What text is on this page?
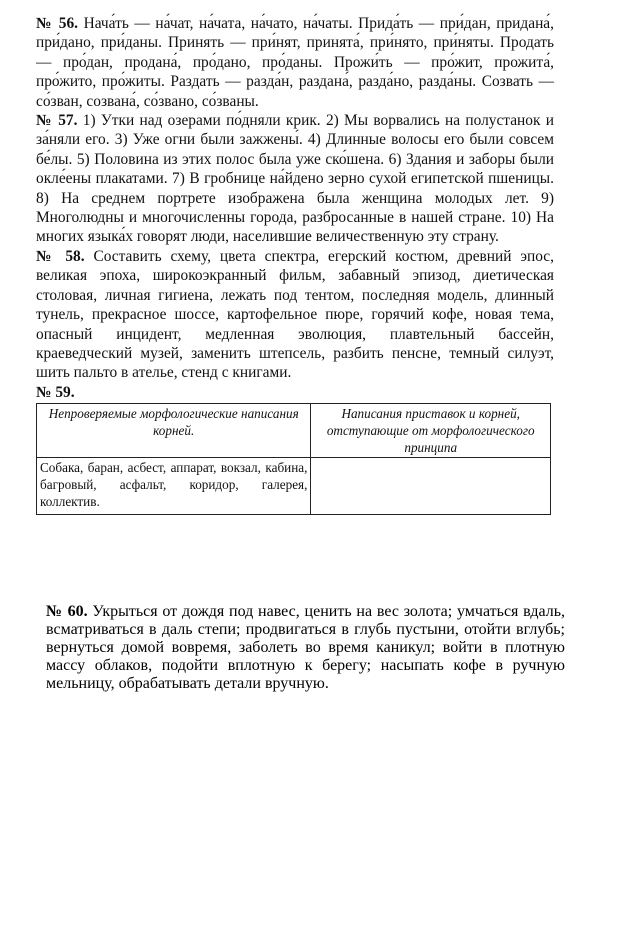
№ 56. Нача́ть — на́чат, на́чата, на́чато, на́чаты. Прида́ть — при́дан, придана́, при́дано, при́даны. Принять — при́нят, принята́, при́нято, при́няты. Продать — про́дан, продана́, про́дано, про́даны. Прожи́ть — про́жит, прожита́, про́жито, про́житы. Раздать — разда́н, раздана́, разда́но, разда́ны. Созвать — со́зван, созвана́, со́звано, со́званы.

№ 57. 1) Утки над озерами по́дняли крик. 2) Мы ворвались на полустанок и за́няли его. 3) Уже огни были зажжены́. 4) Длинные волосы его были совсем бе́лы. 5) Половина из этих полос была уже ско́шена. 6) Здания и заборы были окле́ены плакатами. 7) В гробнице на́йдено зерно сухой египетской пшеницы. 8) На среднем портрете изображена была женщина молодых лет. 9) Многолюдны и многочисленны города, разбросанные в нашей стране. 10) На многих языка́х говорят люди, населившие величественную эту страну.

№ 58. Составить схему, цвета спектра, егерский костюм, древний эпос, великая эпоха, широкоэкранный фильм, забавный эпизод, диетическая столовая, личная гигиена, лежать под тентом, последняя модель, длинный тунель, прекрасное шоссе, картофельное пюре, горячий кофе, новая тема, опасный инцидент, медленная эволюция, плавтельный бассейн, краеведческий музей, заменить штепсель, разбить пенсне, темный силуэт, шить пальто в ателье, стенд с книгами.

№ 59.

Непроверяемые морфологические написания корней.	Написания приставок и корней, отступающие от морфологического принципа
Собака, баран, асбест, аппарат, вокзал, кабина, багровый, асфальт, коридор, галерея, коллектив.	

№ 60. Укрыться от дождя под навес, ценить на вес золота; умчаться вдаль, всматриваться в даль степи; продвигаться в глубь пустыни, отойти вглубь; вернуться домой вовремя, заболеть во время каникул; войти в плотную массу облаков, подойти вплотную к берегу; насыпать кофе в ручную мельницу, обрабатывать детали вручную.
